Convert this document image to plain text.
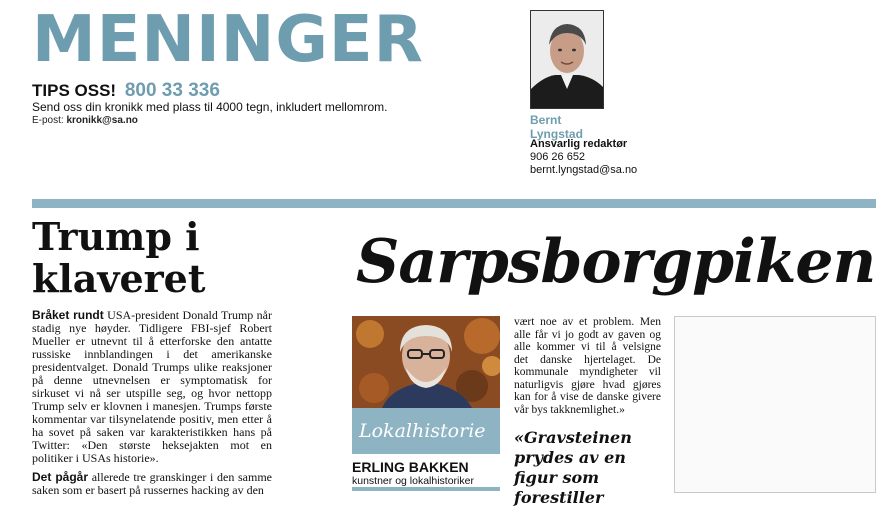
MENINGER
TIPS OSS! 800 33 336
Send oss din kronikk med plass til 4000 tegn, inkludert mellomrom.
E-post: kronikk@sa.no	Bernt
Lyngstad
Ansvarlig redaktør
906 26 652
bernt.lyngstad@sa.no
Trump i
klaveret

Bråket rundt USA-president Donald Trump når stadig nye høyder. Tidligere FBI-sjef Robert Mueller er utnevnt til å etterforske den antatte russiske innblandingen i det amerikanske presidentvalget. Donald Trumps ulike reaksjoner på denne utnevnelsen er symptomatisk for sirkuset vi nå ser utspille seg, og hvor nettopp Trump selv er klovnen i manesjen. Trumps første kommentar var tilsynelatende positiv, men etter å ha sovet på saken var karakteristikken hans på Twitter: «Den største heksejakten mot en politiker i USAs historie».

Det pågår allerede tre granskinger i den samme saken som er basert på russernes hacking av den

Sarpsborgpiken
Lokalhistorie
ERLING BAKKEN
kunstner og lokalhistoriker
vært noe av et problem. Men alle får vi jo godt av gaven og alle kommer vi til å velsigne det danske hjertelaget. De kommunale myndigheter vil naturligvis gjøre hvad gjøres kan for å vise de danske givere vår bys takknemlighet.»
«Gravsteinen prydes av en figur som forestiller
